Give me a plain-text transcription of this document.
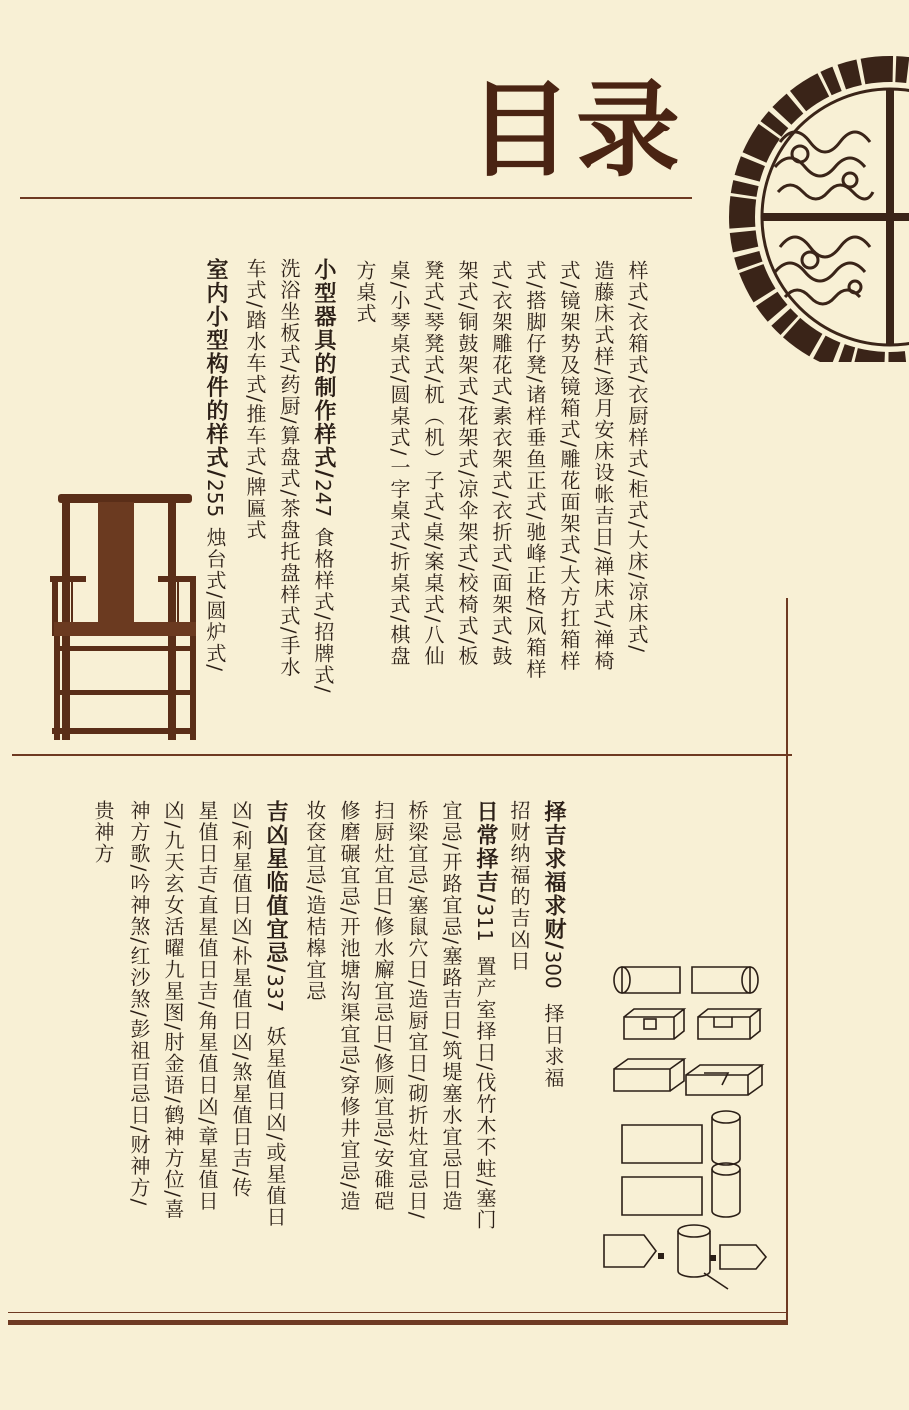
目录
样式/衣箱式/衣厨样式/柜式/大床/凉床式/
造藤床式样/逐月安床设帐吉日/禅床式/禅椅
式/镜架势及镜箱式/雕花面架式/大方扛箱样
式/搭脚仔凳/诸样垂鱼正式/驰峰正格/风箱样
式/衣架雕花式/素衣架式/衣折式/面架式/鼓
架式/铜鼓架式/花架式/凉伞架式/校椅式/板
凳式/琴凳式/杌（机）子式/桌/案桌式/八仙
桌/小琴桌式/圆桌式/一字桌式/折桌式/棋盘
方桌式
小型器具的制作样式/247食格样式/招牌式/
洗浴坐板式/药厨/算盘式/茶盘托盘样式/手水
车式/踏水车式/推车式/牌匾式
室内小型构件的样式/255烛台式/圆炉式/
择吉求福求财/300择日求福
招财纳福的吉凶日
日常择吉/311置产室择日/伐竹木不蛀/塞门
宜忌/开路宜忌/塞路吉日/筑堤塞水宜忌日造
桥梁宜忌/塞鼠穴日/造厨宜日/砌折灶宜忌日/
扫厨灶宜日/修水廨宜忌日/修厕宜忌/安碓硙
修磨碾宜忌/开池塘沟渠宜忌/穿修井宜忌/造
妆奁宜忌/造桔槔宜忌
吉凶星临值宜忌/337妖星值日凶/或星值日
凶/利星值日凶/朴星值日凶/煞星值日吉/传
星值日吉/直星值日吉/角星值日凶/章星值日
凶/九天玄女活曜九星图/肘金语/鹤神方位/喜
神方歌/吟神煞/红沙煞/彭祖百忌日/财神方/
贵神方
